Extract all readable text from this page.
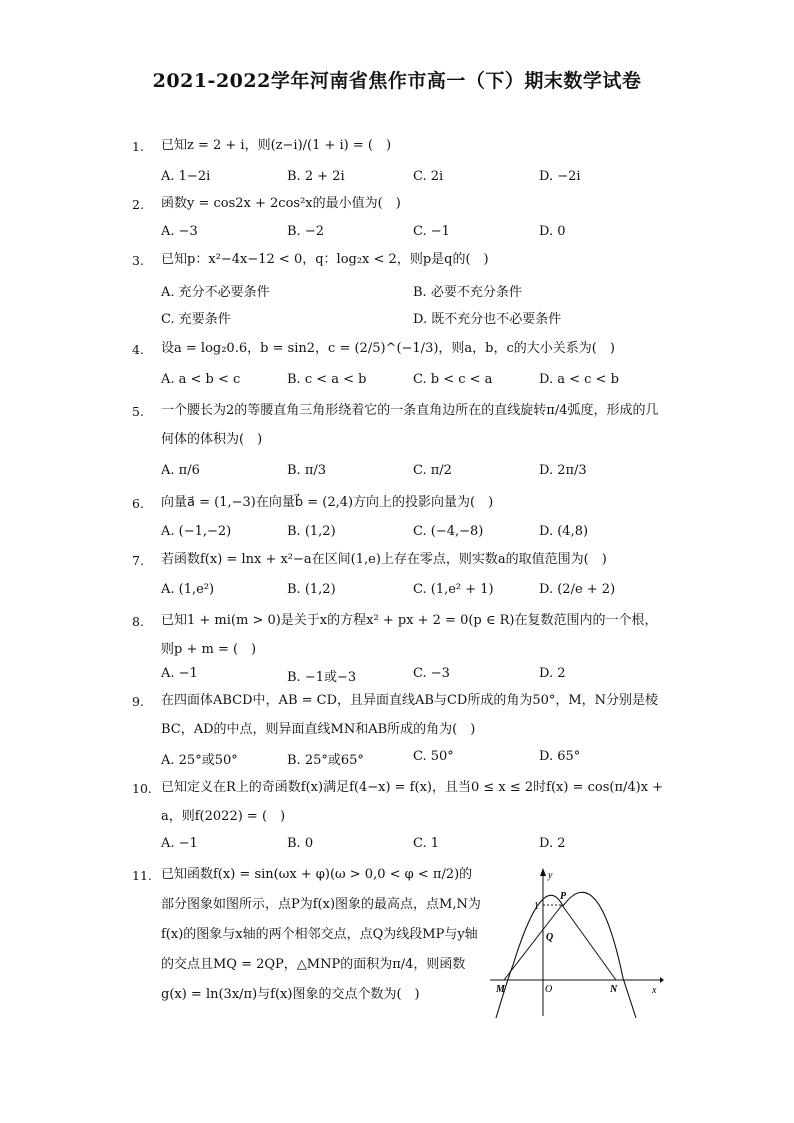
2021-2022学年河南省焦作市高一（下）期末数学试卷
1. 已知z = 2 + i，则(z−i)/(1 + i) = (　)
A. 1−2i	B. 2 + 2i	C. 2i	D. −2i
2. 函数y = cos2x + 2cos²x的最小值为(　)
A. −3	B. −2	C. −1	D. 0
3. 已知p：x²−4x−12 < 0，q：log₂x < 2，则p是q的(　)
A. 充分不必要条件	B. 必要不充分条件
C. 充要条件	D. 既不充分也不必要条件
4. 设a = log₂0.6，b = sin2，c = (2/5)^(−1/3)，则a，b，c的大小关系为(　)
A. a < b < c	B. c < a < b	C. b < c < a	D. a < c < b
5. 一个腰长为2的等腰直角三角形绕着它的一条直角边所在的直线旋转π/4弧度，形成的几何体的体积为(　)
A. π/6	B. π/3	C. π/2	D. 2π/3
6. 向量a⃗ = (1,−3)在向量b⃗ = (2,4)方向上的投影向量为(　)
A. (−1,−2)	B. (1,2)	C. (−4,−8)	D. (4,8)
7. 若函数f(x) = lnx + x²−a在区间(1,e)上存在零点，则实数a的取值范围为(　)
A. (1,e²)	B. (1,2)	C. (1,e² + 1)	D. (2/e + 2)
8. 已知1 + mi(m > 0)是关于x的方程x² + px + 2 = 0(p ∈ R)在复数范围内的一个根，则p + m = (　)
A. −1	B. −1或−3	C. −3	D. 2
9. 在四面体ABCD中，AB = CD，且异面直线AB与CD所成的角为50°，M，N分别是棱BC，AD的中点，则异面直线MN和AB所成的角为(　)
A. 25°或50°	B. 25°或65°	C. 50°	D. 65°
10. 已知定义在R上的奇函数f(x)满足f(4−x) = f(x)，且当0 ≤ x ≤ 2时f(x) = cos(π/4)x + a，则f(2022) = (　)
A. −1	B. 0	C. 1	D. 2
11. 已知函数f(x) = sin(ωx + φ)(ω > 0,0 < φ < π/2)的部分图象如图所示，点P为f(x)图象的最高点，点M,N为f(x)的图象与x轴的两个相邻交点，点Q为线段MP与y轴的交点且MQ = 2QP，△MNP的面积为π/4，则函数g(x) = ln(3x/π)与f(x)图象的交点个数为(　)
y
x
1
P
Q
M	O	N
